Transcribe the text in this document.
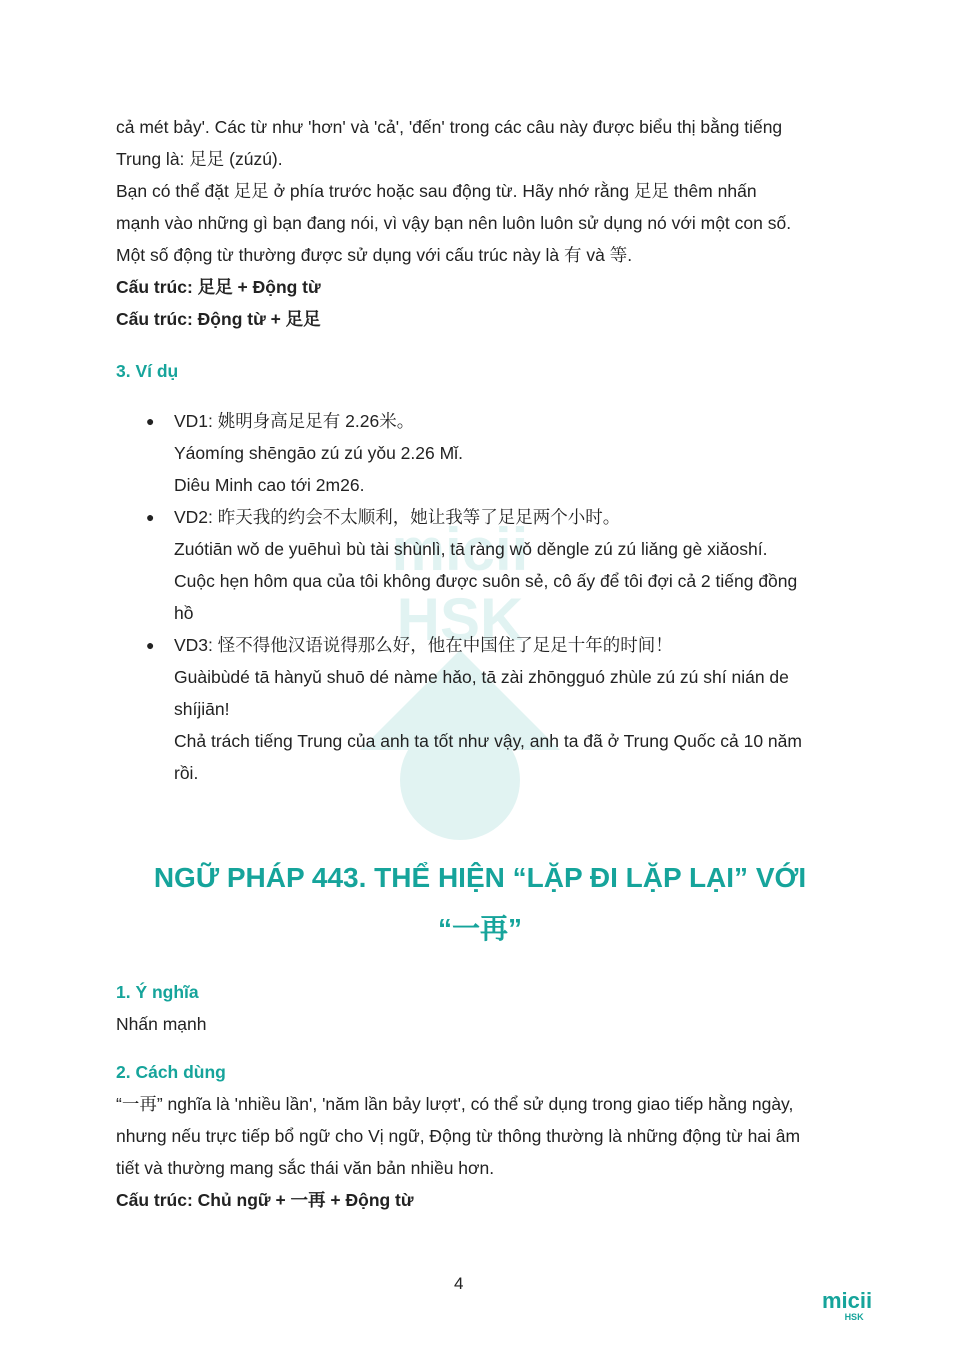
micii
HSK
cả mét bảy'. Các từ như 'hơn' và 'cả', 'đến' trong các câu này được biểu thị bằng tiếng
Trung là: 足足 (zúzú).
Bạn có thể đặt 足足 ở phía trước hoặc sau động từ. Hãy nhớ rằng 足足 thêm nhấn
mạnh vào những gì bạn đang nói, vì vậy bạn nên luôn luôn sử dụng nó với một con số.
Một số động từ thường được sử dụng với cấu trúc này là 有 và 等.
Cấu trúc: 足足 + Động từ
Cấu trúc: Động từ + 足足
3. Ví dụ
● VD1: 姚明身高足足有 2.26米。
Yáomíng shēngāo zú zú yǒu 2.26 Mǐ.
Diêu Minh cao tới 2m26.
● VD2: 昨天我的约会不太顺利，她让我等了足足两个小时。
Zuótiān wǒ de yuēhuì bù tài shùnlì, tā ràng wǒ děngle zú zú liǎng gè xiǎoshí.
Cuộc hẹn hôm qua của tôi không được suôn sẻ, cô ấy để tôi đợi cả 2 tiếng đồng
hồ
● VD3: 怪不得他汉语说得那么好，他在中国住了足足十年的时间！
Guàibùdé tā hànyǔ shuō dé nàme hǎo, tā zài zhōngguó zhùle zú zú shí nián de
shíjiān!
Chả trách tiếng Trung của anh ta tốt như vậy, anh ta đã ở Trung Quốc cả 10 năm
rồi.
NGỮ PHÁP 443. THỂ HIỆN “LẶP ĐI LẶP LẠI” VỚI
“一再”
1. Ý nghĩa
Nhấn mạnh
2. Cách dùng
“一再” nghĩa là 'nhiều lần', 'năm lần bảy lượt', có thể sử dụng trong giao tiếp hằng ngày,
nhưng nếu trực tiếp bổ ngữ cho Vị ngữ, Động từ thông thường là những động từ hai âm
tiết và thường mang sắc thái văn bản nhiều hơn.
Cấu trúc: Chủ ngữ + 一再 + Động từ
4
micii
HSK
